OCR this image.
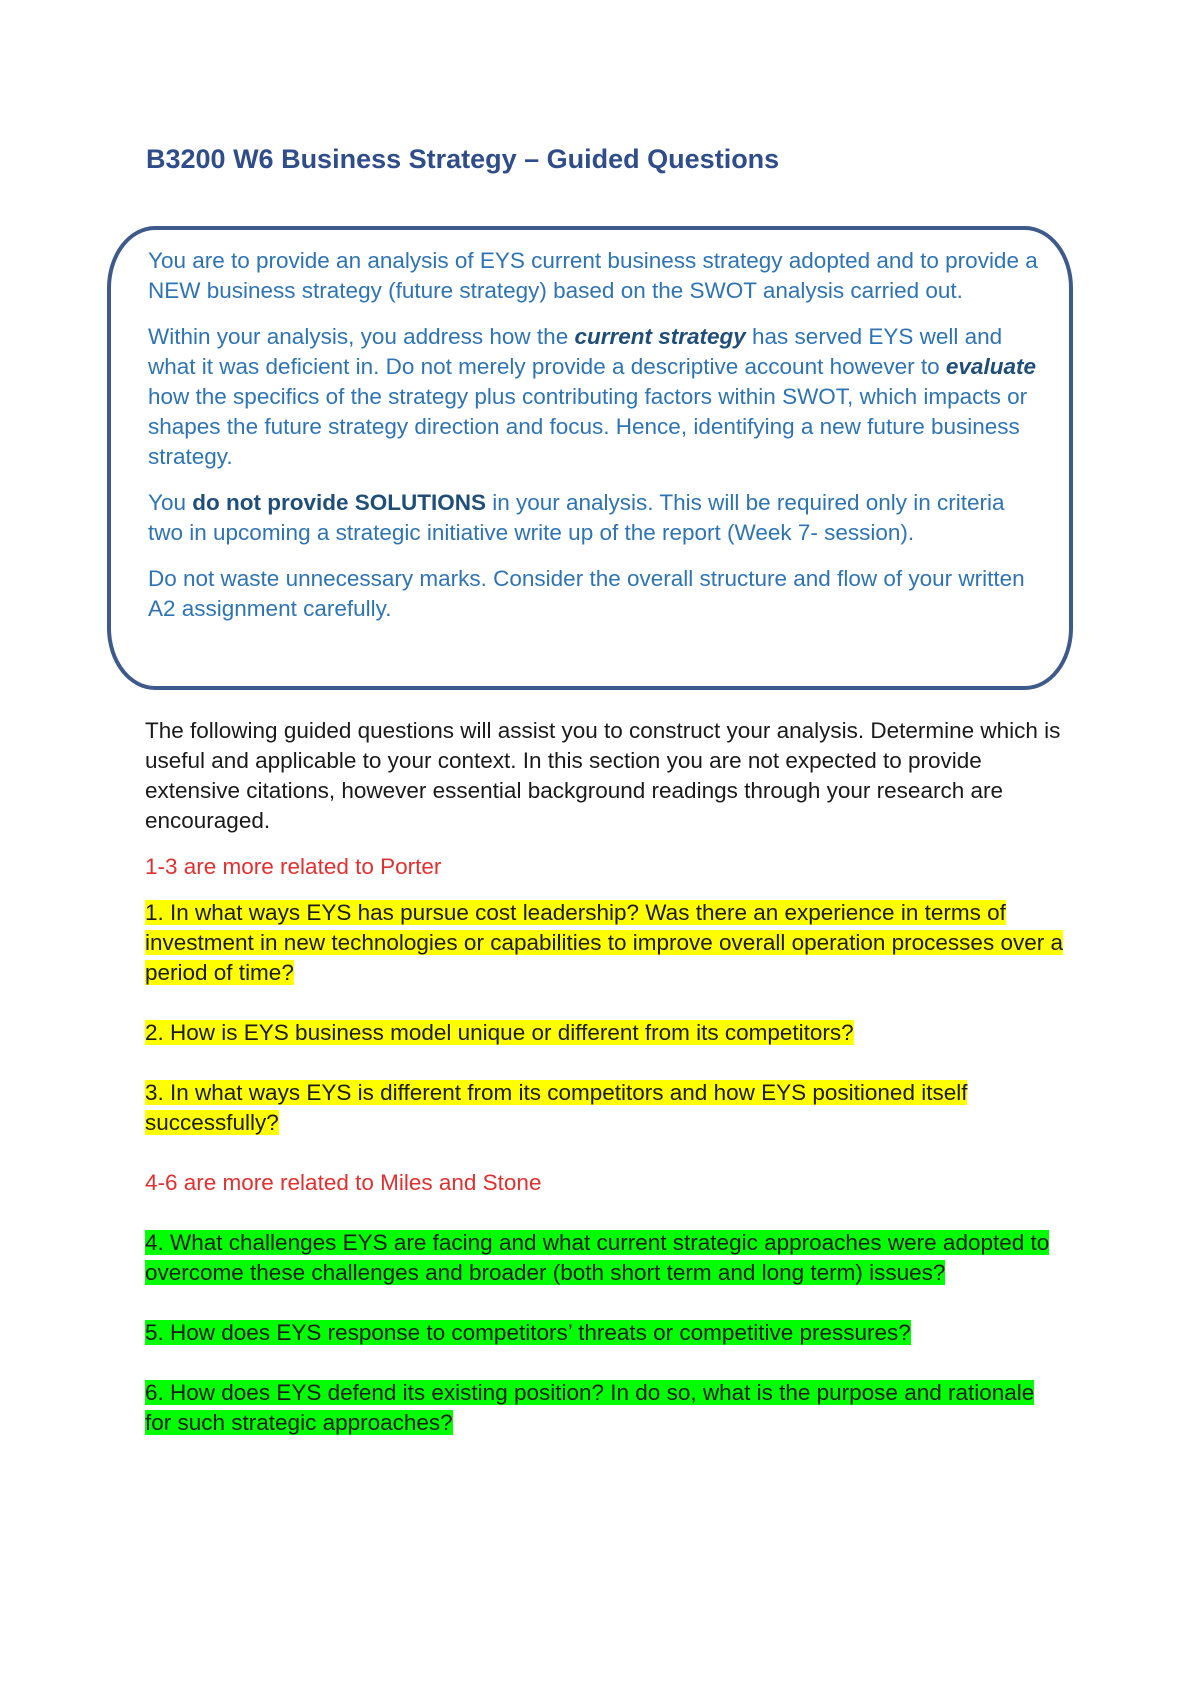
B3200 W6 Business Strategy – Guided Questions

You are to provide an analysis of EYS current business strategy adopted and to provide a NEW business strategy (future strategy) based on the SWOT analysis carried out.

Within your analysis, you address how the current strategy has served EYS well and what it was deficient in. Do not merely provide a descriptive account however to evaluate how the specifics of the strategy plus contributing factors within SWOT, which impacts or shapes the future strategy direction and focus. Hence, identifying a new future business strategy.

You do not provide SOLUTIONS in your analysis. This will be required only in criteria two in upcoming a strategic initiative write up of the report (Week 7- session).

Do not waste unnecessary marks. Consider the overall structure and flow of your written A2 assignment carefully.

The following guided questions will assist you to construct your analysis. Determine which is useful and applicable to your context. In this section you are not expected to provide extensive citations, however essential background readings through your research are encouraged.

1-3 are more related to Porter

1. In what ways EYS has pursue cost leadership? Was there an experience in terms of investment in new technologies or capabilities to improve overall operation processes over a period of time?

2. How is EYS business model unique or different from its competitors?

3. In what ways EYS is different from its competitors and how EYS positioned itself successfully?

4-6 are more related to Miles and Stone

4. What challenges EYS are facing and what current strategic approaches were adopted to overcome these challenges and broader (both short term and long term) issues?

5. How does EYS response to competitors’ threats or competitive pressures?

6. How does EYS defend its existing position? In do so, what is the purpose and rationale for such strategic approaches?
